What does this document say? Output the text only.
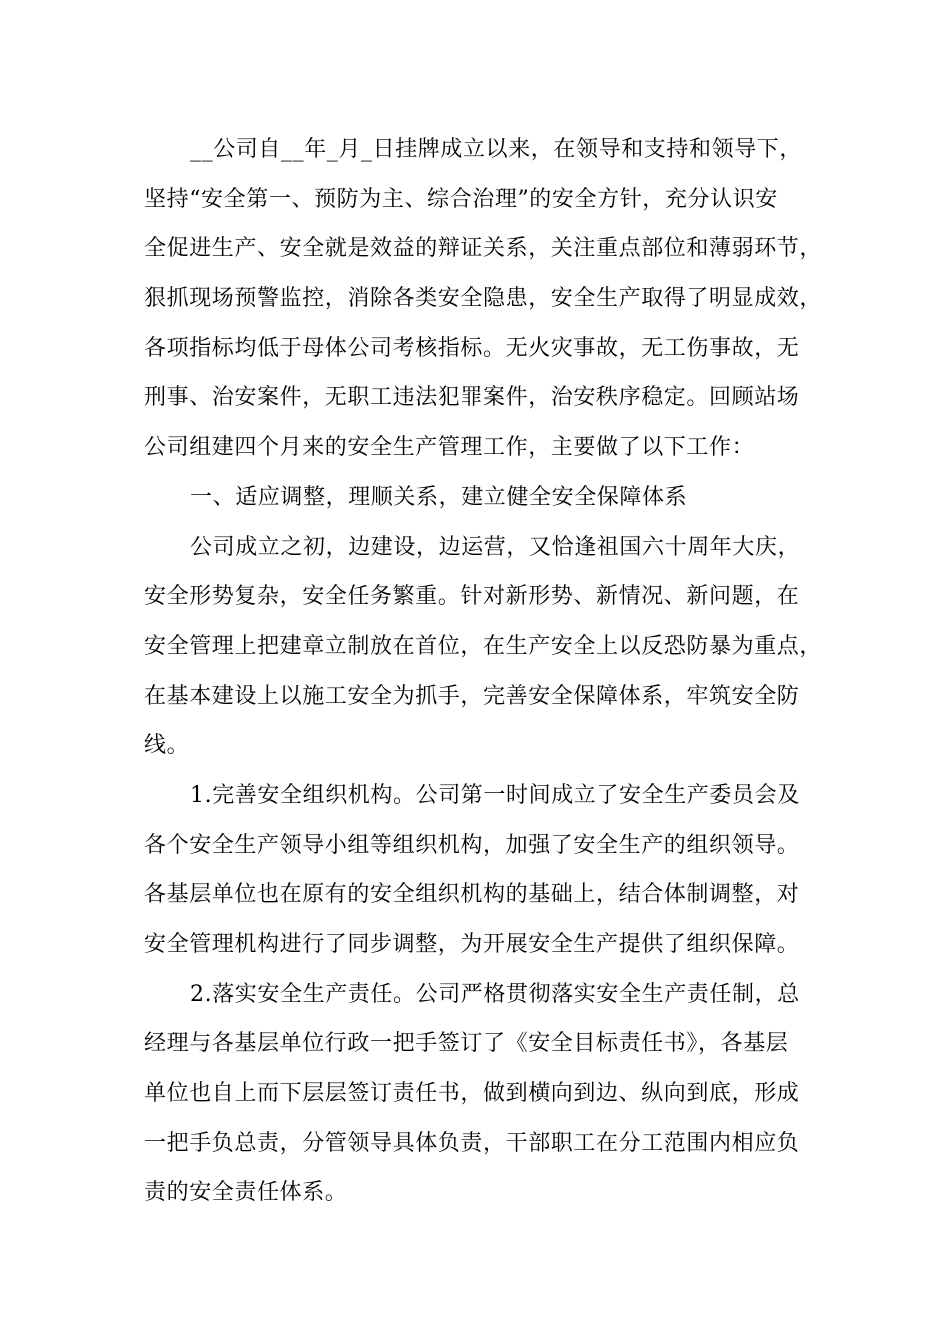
__公司自__年_月_日挂牌成立以来，在领导和支持和领导下，
坚持“安全第一、预防为主、综合治理”的安全方针，充分认识安
全促进生产、安全就是效益的辩证关系，关注重点部位和薄弱环节，
狠抓现场预警监控，消除各类安全隐患，安全生产取得了明显成效，
各项指标均低于母体公司考核指标。无火灾事故，无工伤事故，无
刑事、治安案件，无职工违法犯罪案件，治安秩序稳定。回顾站场
公司组建四个月来的安全生产管理工作，主要做了以下工作：
一、适应调整，理顺关系，建立健全安全保障体系
公司成立之初，边建设，边运营，又恰逢祖国六十周年大庆，
安全形势复杂，安全任务繁重。针对新形势、新情况、新问题，在
安全管理上把建章立制放在首位，在生产安全上以反恐防暴为重点，
在基本建设上以施工安全为抓手，完善安全保障体系，牢筑安全防
线。
1.完善安全组织机构。公司第一时间成立了安全生产委员会及
各个安全生产领导小组等组织机构，加强了安全生产的组织领导。
各基层单位也在原有的安全组织机构的基础上，结合体制调整，对
安全管理机构进行了同步调整，为开展安全生产提供了组织保障。
2.落实安全生产责任。公司严格贯彻落实安全生产责任制，总
经理与各基层单位行政一把手签订了《安全目标责任书》，各基层
单位也自上而下层层签订责任书，做到横向到边、纵向到底，形成
一把手负总责，分管领导具体负责，干部职工在分工范围内相应负
责的安全责任体系。
